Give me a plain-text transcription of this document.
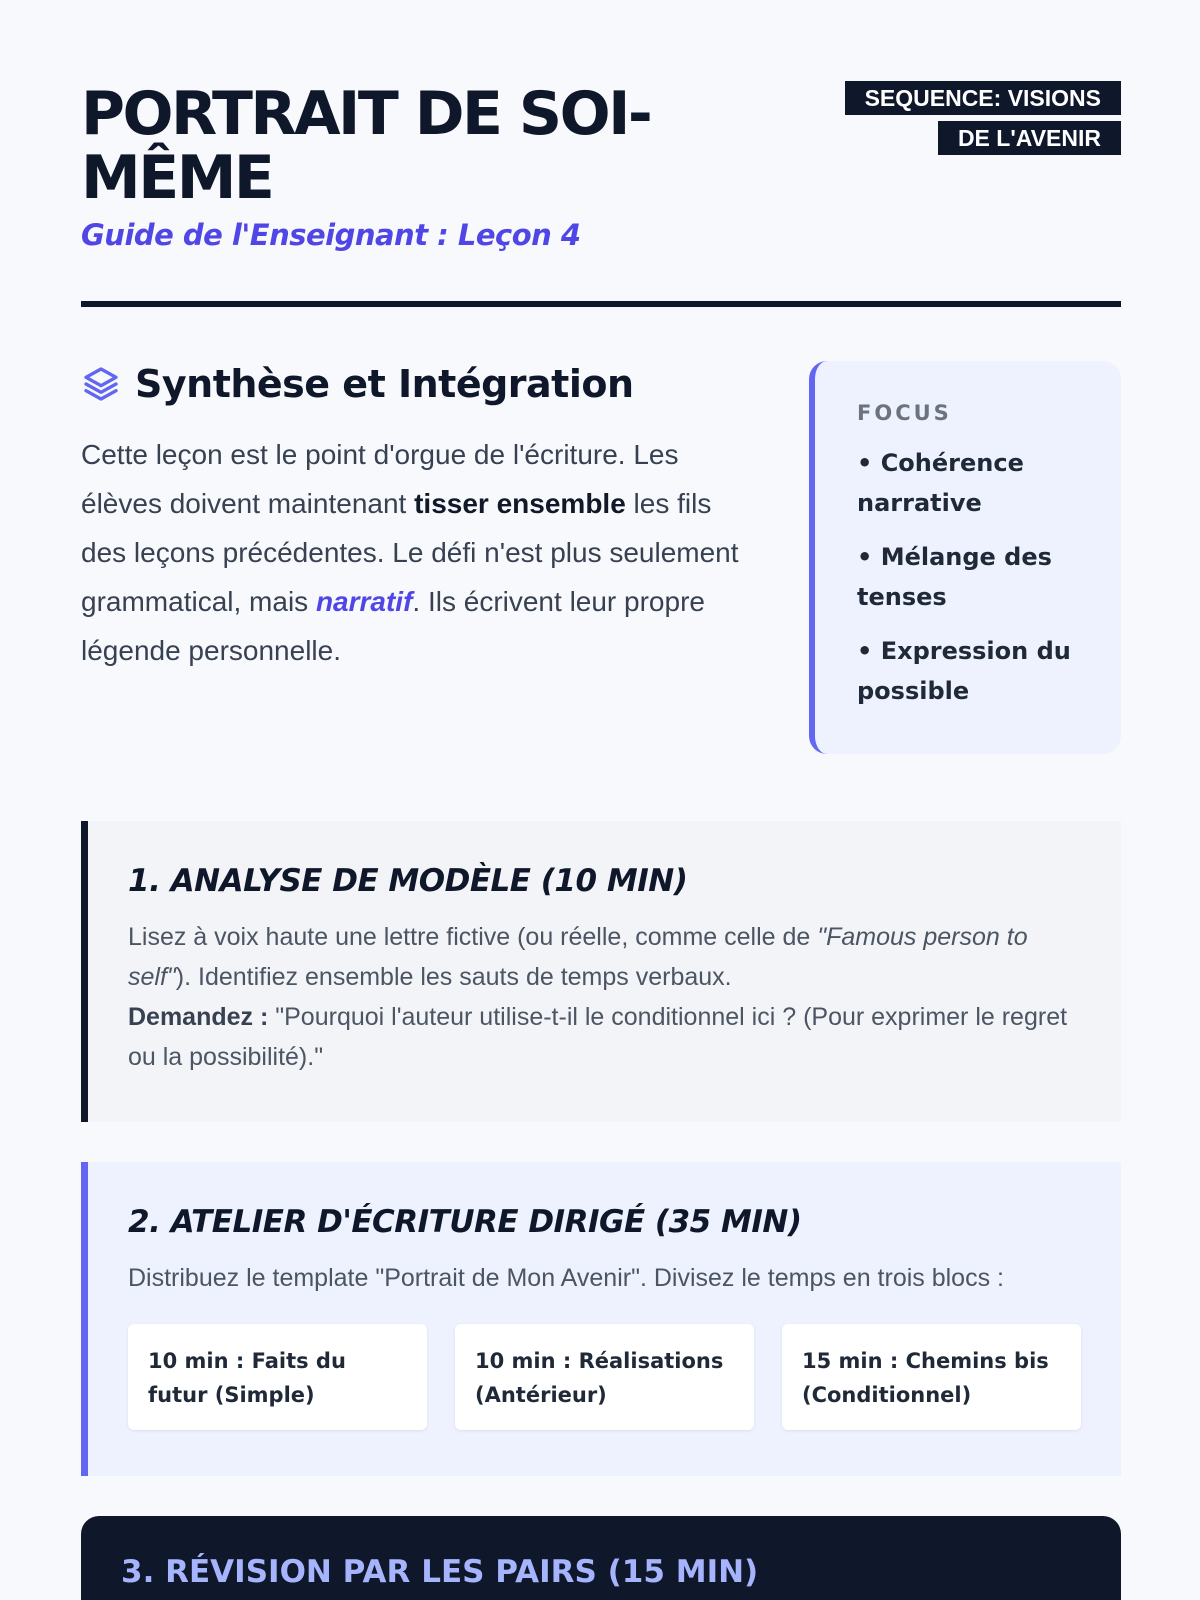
PORTRAIT DE SOI-MÊME
Guide de l'Enseignant : Leçon 4
SEQUENCE: VISIONS DE L'AVENIR
Synthèse et Intégration

Cette leçon est le point d'orgue de l'écriture. Les élèves doivent maintenant tisser ensemble les fils des leçons précédentes. Le défi n'est plus seulement grammatical, mais narratif. Ils écrivent leur propre légende personnelle.

FOCUS
• Cohérence narrative
• Mélange des tenses
• Expression du possible
1. ANALYSE DE MODÈLE (10 MIN)

Lisez à voix haute une lettre fictive (ou réelle, comme celle de "Famous person to self"). Identifiez ensemble les sauts de temps verbaux.
Demandez : "Pourquoi l'auteur utilise-t-il le conditionnel ici ? (Pour exprimer le regret ou la possibilité)."

2. ATELIER D'ÉCRITURE DIRIGÉ (35 MIN)

Distribuez le template "Portrait de Mon Avenir". Divisez le temps en trois blocs :

10 min : Faits du futur (Simple)
10 min : Réalisations (Antérieur)
15 min : Chemins bis (Conditionnel)
3. RÉVISION PAR LES PAIRS (15 MIN)
